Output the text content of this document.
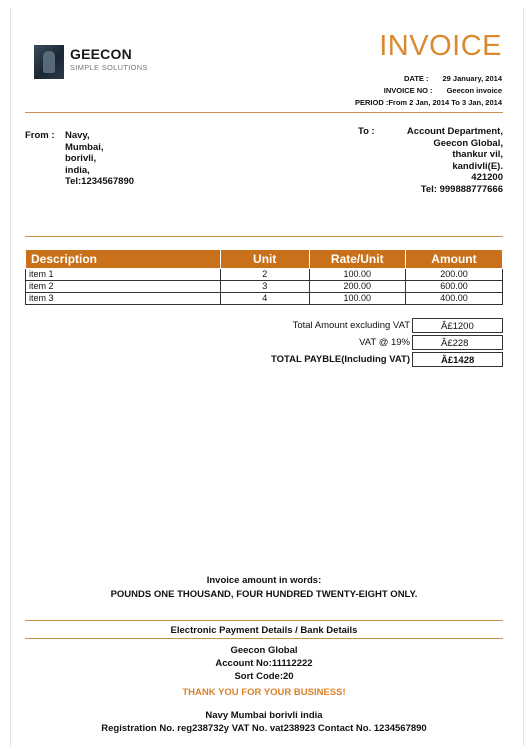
GEECON
SIMPLE SOLUTIONS
INVOICE
DATE : 29 January, 2014
INVOICE NO : Geecon invoice
PERIOD :From 2 Jan, 2014 To 3 Jan, 2014
From : Navy,
Mumbai,
borivli,
india,
Tel:1234567890
To :	Account Department,
Geecon Global,
thankur vil,
kandivli(E).
421200
Tel: 999888777666
Description	Unit	Rate/Unit	Amount
item 1	2	100.00	200.00
item 2	3	200.00	600.00
item 3	4	100.00	400.00
Total Amount excluding VAT	Â£1200
VAT @ 19%	Â£228
TOTAL PAYBLE(Including VAT)	Â£1428
Invoice amount in words:
POUNDS ONE THOUSAND, FOUR HUNDRED TWENTY-EIGHT ONLY.
Electronic Payment Details / Bank Details
Geecon Global
Account No:11112222
Sort Code:20
THANK YOU FOR YOUR BUSINESS!
Navy Mumbai borivli india
Registration No. reg238732y VAT No. vat238923 Contact No. 1234567890
